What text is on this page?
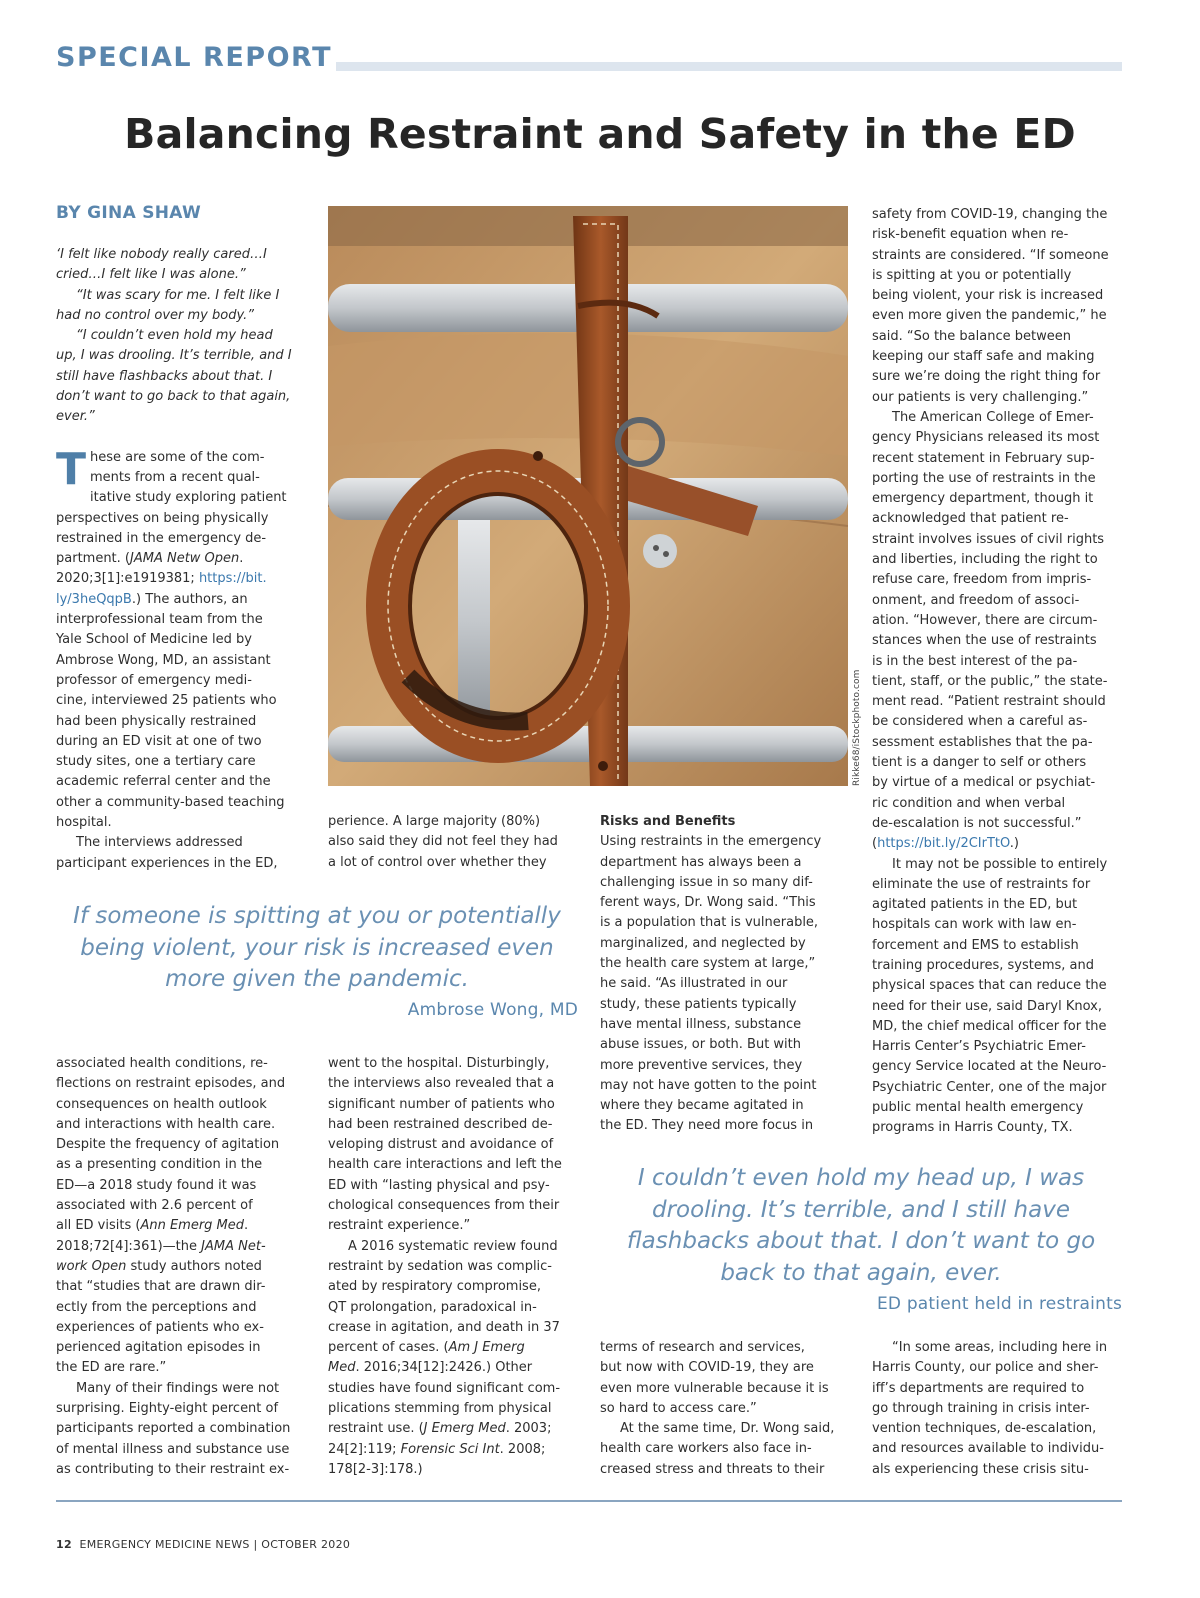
SPECIAL REPORT
Balancing Restraint and Safety in the ED
BY GINA SHAW
Rikke68/iStockphoto.com

‘I felt like nobody really cared…I
cried…I felt like I was alone.”

“It was scary for me. I felt like I
had no control over my body.”

“I couldn’t even hold my head
up, I was drooling. It’s terrible, and I
still have flashbacks about that. I
don’t want to go back to that again,
ever.”

T hese are some of the com-
ments from a recent qual-
itative study exploring patient
perspectives on being physically
restrained in the emergency de-
partment. (JAMA Netw Open.
2020;3[1]:e1919381; https://bit.
ly/3heQqpB.) The authors, an
interprofessional team from the
Yale School of Medicine led by
Ambrose Wong, MD, an assistant
professor of emergency medi-
cine, interviewed 25 patients who
had been physically restrained
during an ED visit at one of two
study sites, one a tertiary care
academic referral center and the
other a community-based teaching
hospital.

The interviews addressed
participant experiences in the ED,

perience. A large majority (80%)
also said they did not feel they had
a lot of control over whether they

Risks and Benefits

Using restraints in the emergency
department has always been a
challenging issue in so many dif-
ferent ways, Dr. Wong said. “This
is a population that is vulnerable,
marginalized, and neglected by
the health care system at large,”
he said. “As illustrated in our
study, these patients typically
have mental illness, substance
abuse issues, or both. But with
more preventive services, they
may not have gotten to the point
where they became agitated in
the ED. They need more focus in

safety from COVID-19, changing the
risk-benefit equation when re-
straints are considered. “If someone
is spitting at you or potentially
being violent, your risk is increased
even more given the pandemic,” he
said. “So the balance between
keeping our staff safe and making
sure we’re doing the right thing for
our patients is very challenging.”

The American College of Emer-
gency Physicians released its most
recent statement in February sup-
porting the use of restraints in the
emergency department, though it
acknowledged that patient re-
straint involves issues of civil rights
and liberties, including the right to
refuse care, freedom from impris-
onment, and freedom of associ-
ation. “However, there are circum-
stances when the use of restraints
is in the best interest of the pa-
tient, staff, or the public,” the state-
ment read. “Patient restraint should
be considered when a careful as-
sessment establishes that the pa-
tient is a danger to self or others
by virtue of a medical or psychiat-
ric condition and when verbal
de-escalation is not successful.”
(https://bit.ly/2CIrTtO.)

It may not be possible to entirely
eliminate the use of restraints for
agitated patients in the ED, but
hospitals can work with law en-
forcement and EMS to establish
training procedures, systems, and
physical spaces that can reduce the
need for their use, said Daryl Knox,
MD, the chief medical officer for the
Harris Center’s Psychiatric Emer-
gency Service located at the Neuro-
Psychiatric Center, one of the major
public mental health emergency
programs in Harris County, TX.

If someone is spitting at you or potentially
being violent, your risk is increased even
more given the pandemic.
Ambrose Wong, MD
I couldn’t even hold my head up, I was
drooling. It’s terrible, and I still have
flashbacks about that. I don’t want to go
back to that again, ever.
ED patient held in restraints

associated health conditions, re-
flections on restraint episodes, and
consequences on health outlook
and interactions with health care.
Despite the frequency of agitation
as a presenting condition in the
ED—a 2018 study found it was
associated with 2.6 percent of
all ED visits (Ann Emerg Med.
2018;72[4]:361)—the JAMA Net-
work Open study authors noted
that “studies that are drawn dir-
ectly from the perceptions and
experiences of patients who ex-
perienced agitation episodes in
the ED are rare.”

Many of their findings were not
surprising. Eighty-eight percent of
participants reported a combination
of mental illness and substance use
as contributing to their restraint ex-

went to the hospital. Disturbingly,
the interviews also revealed that a
significant number of patients who
had been restrained described de-
veloping distrust and avoidance of
health care interactions and left the
ED with “lasting physical and psy-
chological consequences from their
restraint experience.”

A 2016 systematic review found
restraint by sedation was complic-
ated by respiratory compromise,
QT prolongation, paradoxical in-
crease in agitation, and death in 37
percent of cases. (Am J Emerg
Med. 2016;34[12]:2426.) Other
studies have found significant com-
plications stemming from physical
restraint use. (J Emerg Med. 2003;
24[2]:119; Forensic Sci Int. 2008;
178[2-3]:178.)

terms of research and services,
but now with COVID-19, they are
even more vulnerable because it is
so hard to access care.”

At the same time, Dr. Wong said,
health care workers also face in-
creased stress and threats to their

“In some areas, including here in
Harris County, our police and sher-
iff’s departments are required to
go through training in crisis inter-
vention techniques, de-escalation,
and resources available to individu-
als experiencing these crisis situ-

12 EMERGENCY MEDICINE NEWS | OCTOBER 2020
